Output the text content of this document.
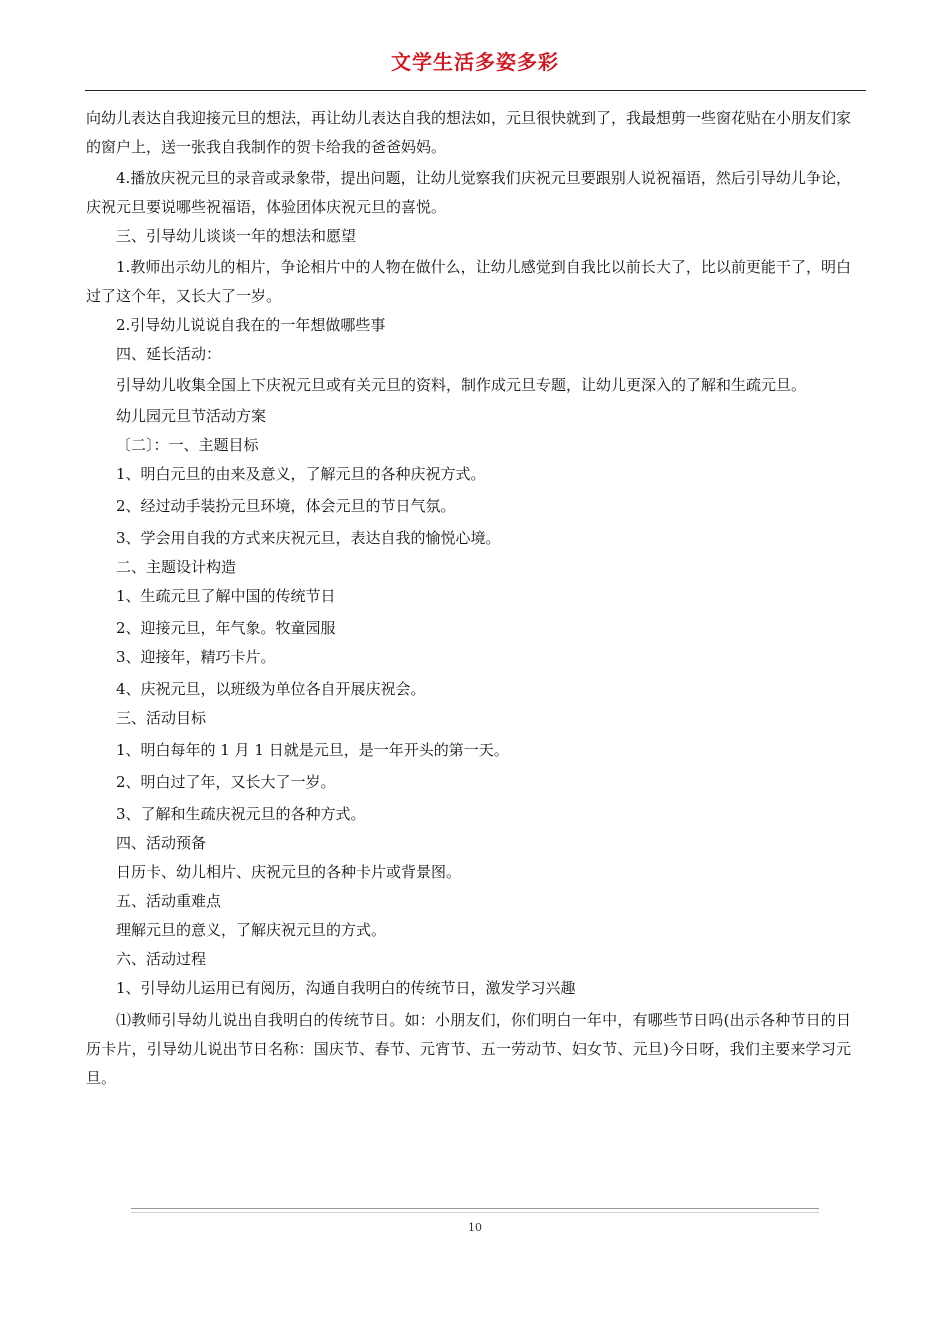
文学生活多姿多彩

向幼儿表达自我迎接元旦的想法，再让幼儿表达自我的想法如，元旦很快就到了，我最想剪一些窗花贴在小朋友们家的窗户上，送一张我自我制作的贺卡给我的爸爸妈妈。

4.播放庆祝元旦的录音或录象带，提出问题，让幼儿觉察我们庆祝元旦要跟别人说祝福语，然后引导幼儿争论，庆祝元旦要说哪些祝福语，体验团体庆祝元旦的喜悦。

三、引导幼儿谈谈一年的想法和愿望

1.教师出示幼儿的相片，争论相片中的人物在做什么，让幼儿感觉到自我比以前长大了，比以前更能干了，明白过了这个年，又长大了一岁。

2.引导幼儿说说自我在的一年想做哪些事

四、延长活动：

引导幼儿收集全国上下庆祝元旦或有关元旦的资料，制作成元旦专题，让幼儿更深入的了解和生疏元旦。

幼儿园元旦节活动方案

〔二〕：一、主题目标

1、明白元旦的由来及意义，了解元旦的各种庆祝方式。

2、经过动手装扮元旦环境，体会元旦的节日气氛。

3、学会用自我的方式来庆祝元旦，表达自我的愉悦心境。

二、主题设计构造

1、生疏元旦了解中国的传统节日

2、迎接元旦，年气象。牧童园服

3、迎接年，精巧卡片。

4、庆祝元旦，以班级为单位各自开展庆祝会。

三、活动目标

1、明白每年的 1 月 1 日就是元旦，是一年开头的第一天。

2、明白过了年，又长大了一岁。

3、了解和生疏庆祝元旦的各种方式。

四、活动预备

日历卡、幼儿相片、庆祝元旦的各种卡片或背景图。

五、活动重难点

理解元旦的意义，了解庆祝元旦的方式。

六、活动过程

1、引导幼儿运用已有阅历，沟通自我明白的传统节日，激发学习兴趣

⑴教师引导幼儿说出自我明白的传统节日。如：小朋友们，你们明白一年中，有哪些节日吗(出示各种节日的日历卡片，引导幼儿说出节日名称：国庆节、春节、元宵节、五一劳动节、妇女节、元旦)今日呀，我们主要来学习元旦。

10
